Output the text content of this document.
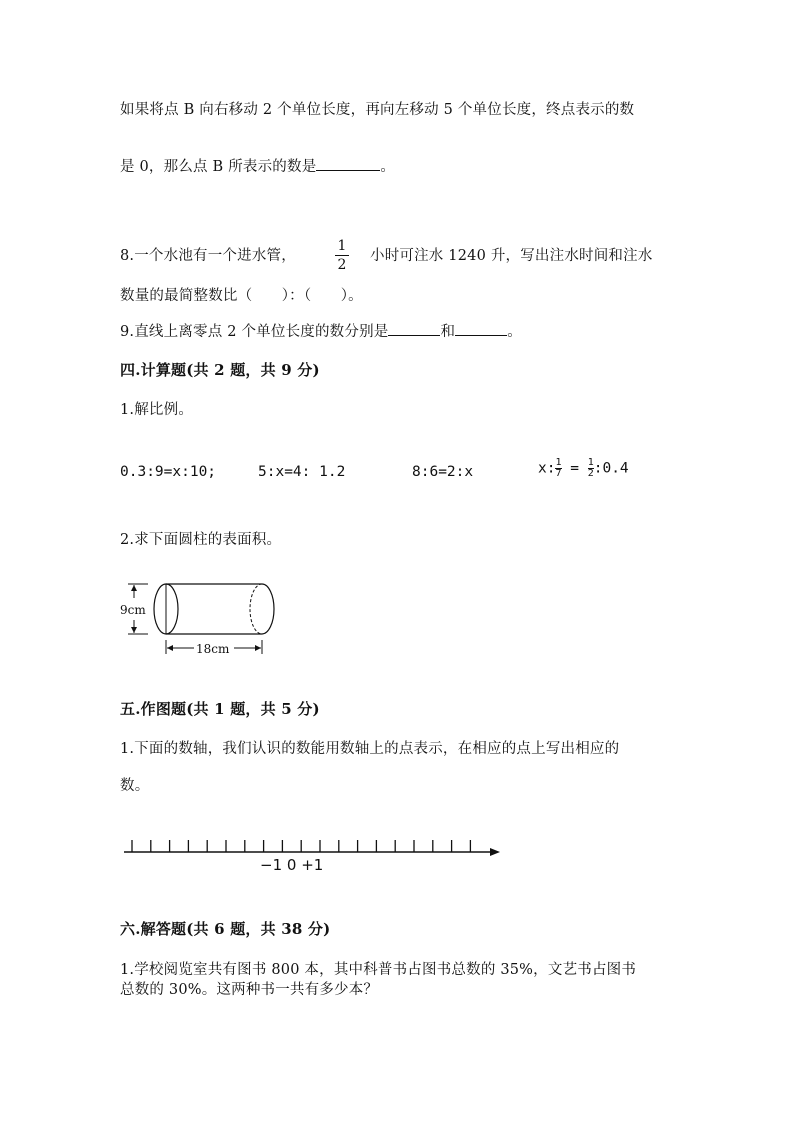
如果将点 B 向右移动 2 个单位长度，再向左移动 5 个单位长度，终点表示的数
是 0，那么点 B 所表示的数是	。
8.一个水池有一个进水管，
1
2
小时可注水 1240 升，写出注水时间和注水
数量的最简整数比（　　）：（　　）。
9.直线上离零点 2 个单位长度的数分别是	和	。
四.计算题(共 2 题，共 9 分)
1.解比例。
0.3:9=x:10;	5:x=4: 1.2	8:6=2:x	x: $\frac{1}{7} = \frac{1}{2}$ :0.4
2.求下面圆柱的表面积。
9cm
18cm
五.作图题(共 1 题，共 5 分)
1.下面的数轴，我们认识的数能用数轴上的点表示，在相应的点上写出相应的
数。
−1 0 +1
六.解答题(共 6 题，共 38 分)
1.学校阅览室共有图书 800 本，其中科普书占图书总数的 35%，文艺书占图书
总数的 30%。这两种书一共有多少本？
